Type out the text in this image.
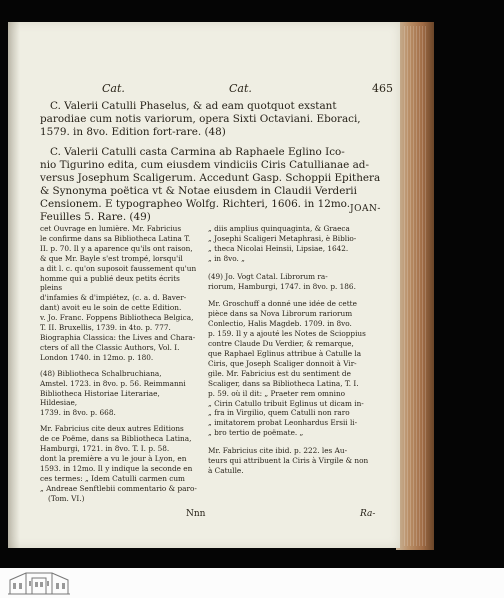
Cat.	Cat.	465
C. Valerii Catulli Phaselus, & ad eam quotquot exstant
parodiae cum notis variorum, opera Sixti Octaviani. Eboraci,
1579. in 8vo. Edition fort-rare. (48)
C. Valerii Catulli casta Carmina ab Raphaele Eglino Ico-
nio Tigurino edita, cum eiusdem vindiciis Ciris Catullianae ad-
versus Josephum Scaligerum. Accedunt Gasp. Schoppii Epithera
& Synonyma poëtica vt & Notae eiusdem in Claudii Verderii
Censionem. E typographeo Wolfg. Richteri, 1606. in 12mo.
Feuilles 5. Rare. (49)
JOAN-

cet Ouvrage en lumière. Mr. Fabricius

le confirme dans sa Bibliotheca Latina T.

II. p. 70. Il y a aparence qu'ils ont raison,

& que Mr. Bayle s'est trompé, lorsqu'il

a dit l. c. qu'on suposoit faussement qu'un

homme qui a publié deux petits écrits pleins

d'infamies & d'impiétez, (c. a. d. Baver-

dant) avoit eu le soin de cette Edition.

v. Jo. Franc. Foppens Bibliotheca Belgica,

T. II. Bruxellis, 1739. in 4to. p. 777.

Biographia Classica: the Lives and Chara-

cters of all the Classic Authors, Vol. I.

London 1740. in 12mo. p. 180.

(48) Bibliotheca Schalbruchiana,

Amstel. 1723. in 8vo. p. 56. Reimmanni

Bibliotheca Historiae Literariae, Hildesiae,

1739. in 8vo. p. 668.

Mr. Fabricius cite deux autres Editions

de ce Poëme, dans sa Bibliotheca Latina,

Hamburgi, 1721. in 8vo. T. I. p. 58.

dont la première a vu le jour à Lyon, en

1593. in 12mo. Il y indique la seconde en

ces termes: „ Idem Catulli carmen cum

„ Andreae Senftlebii commentario & paro-

(Tom. VI.)

„ diis amplius quinquaginta, & Graeca

„ Josephi Scaligeri Metaphrasi, è Biblio-

„ theca Nicolai Heinsii, Lipsiae, 1642.

„ in 8vo. „

(49) Jo. Vogt Catal. Librorum ra-

riorum, Hamburgi, 1747. in 8vo. p. 186.

Mr. Groschuff a donné une idée de cette

pièce dans sa Nova Librorum rariorum

Conlectio, Halis Magdeb. 1709. in 8vo.

p. 159. Il y a ajouté les Notes de Scioppius

contre Claude Du Verdier, & remarque,

que Raphael Eglinus attribue à Catulle la

Ciris, que Joseph Scaliger donnoit à Vir-

gile. Mr. Fabricius est du sentiment de

Scaliger, dans sa Bibliotheca Latina, T. I.

p. 59. où il dit: „ Praeter rem omnino

„ Cirin Catullo tribuit Eglinus ut dicam in-

„ fra in Virgilio, quem Catulli non raro

„ imitatorem probat Leonhardus Ersii li-

„ bro tertio de poëmate. „

Mr. Fabricius cite ibid. p. 222. les Au-

teurs qui attribuent la Ciris à Virgile & non

à Catulle.

Nnn	Ra-
